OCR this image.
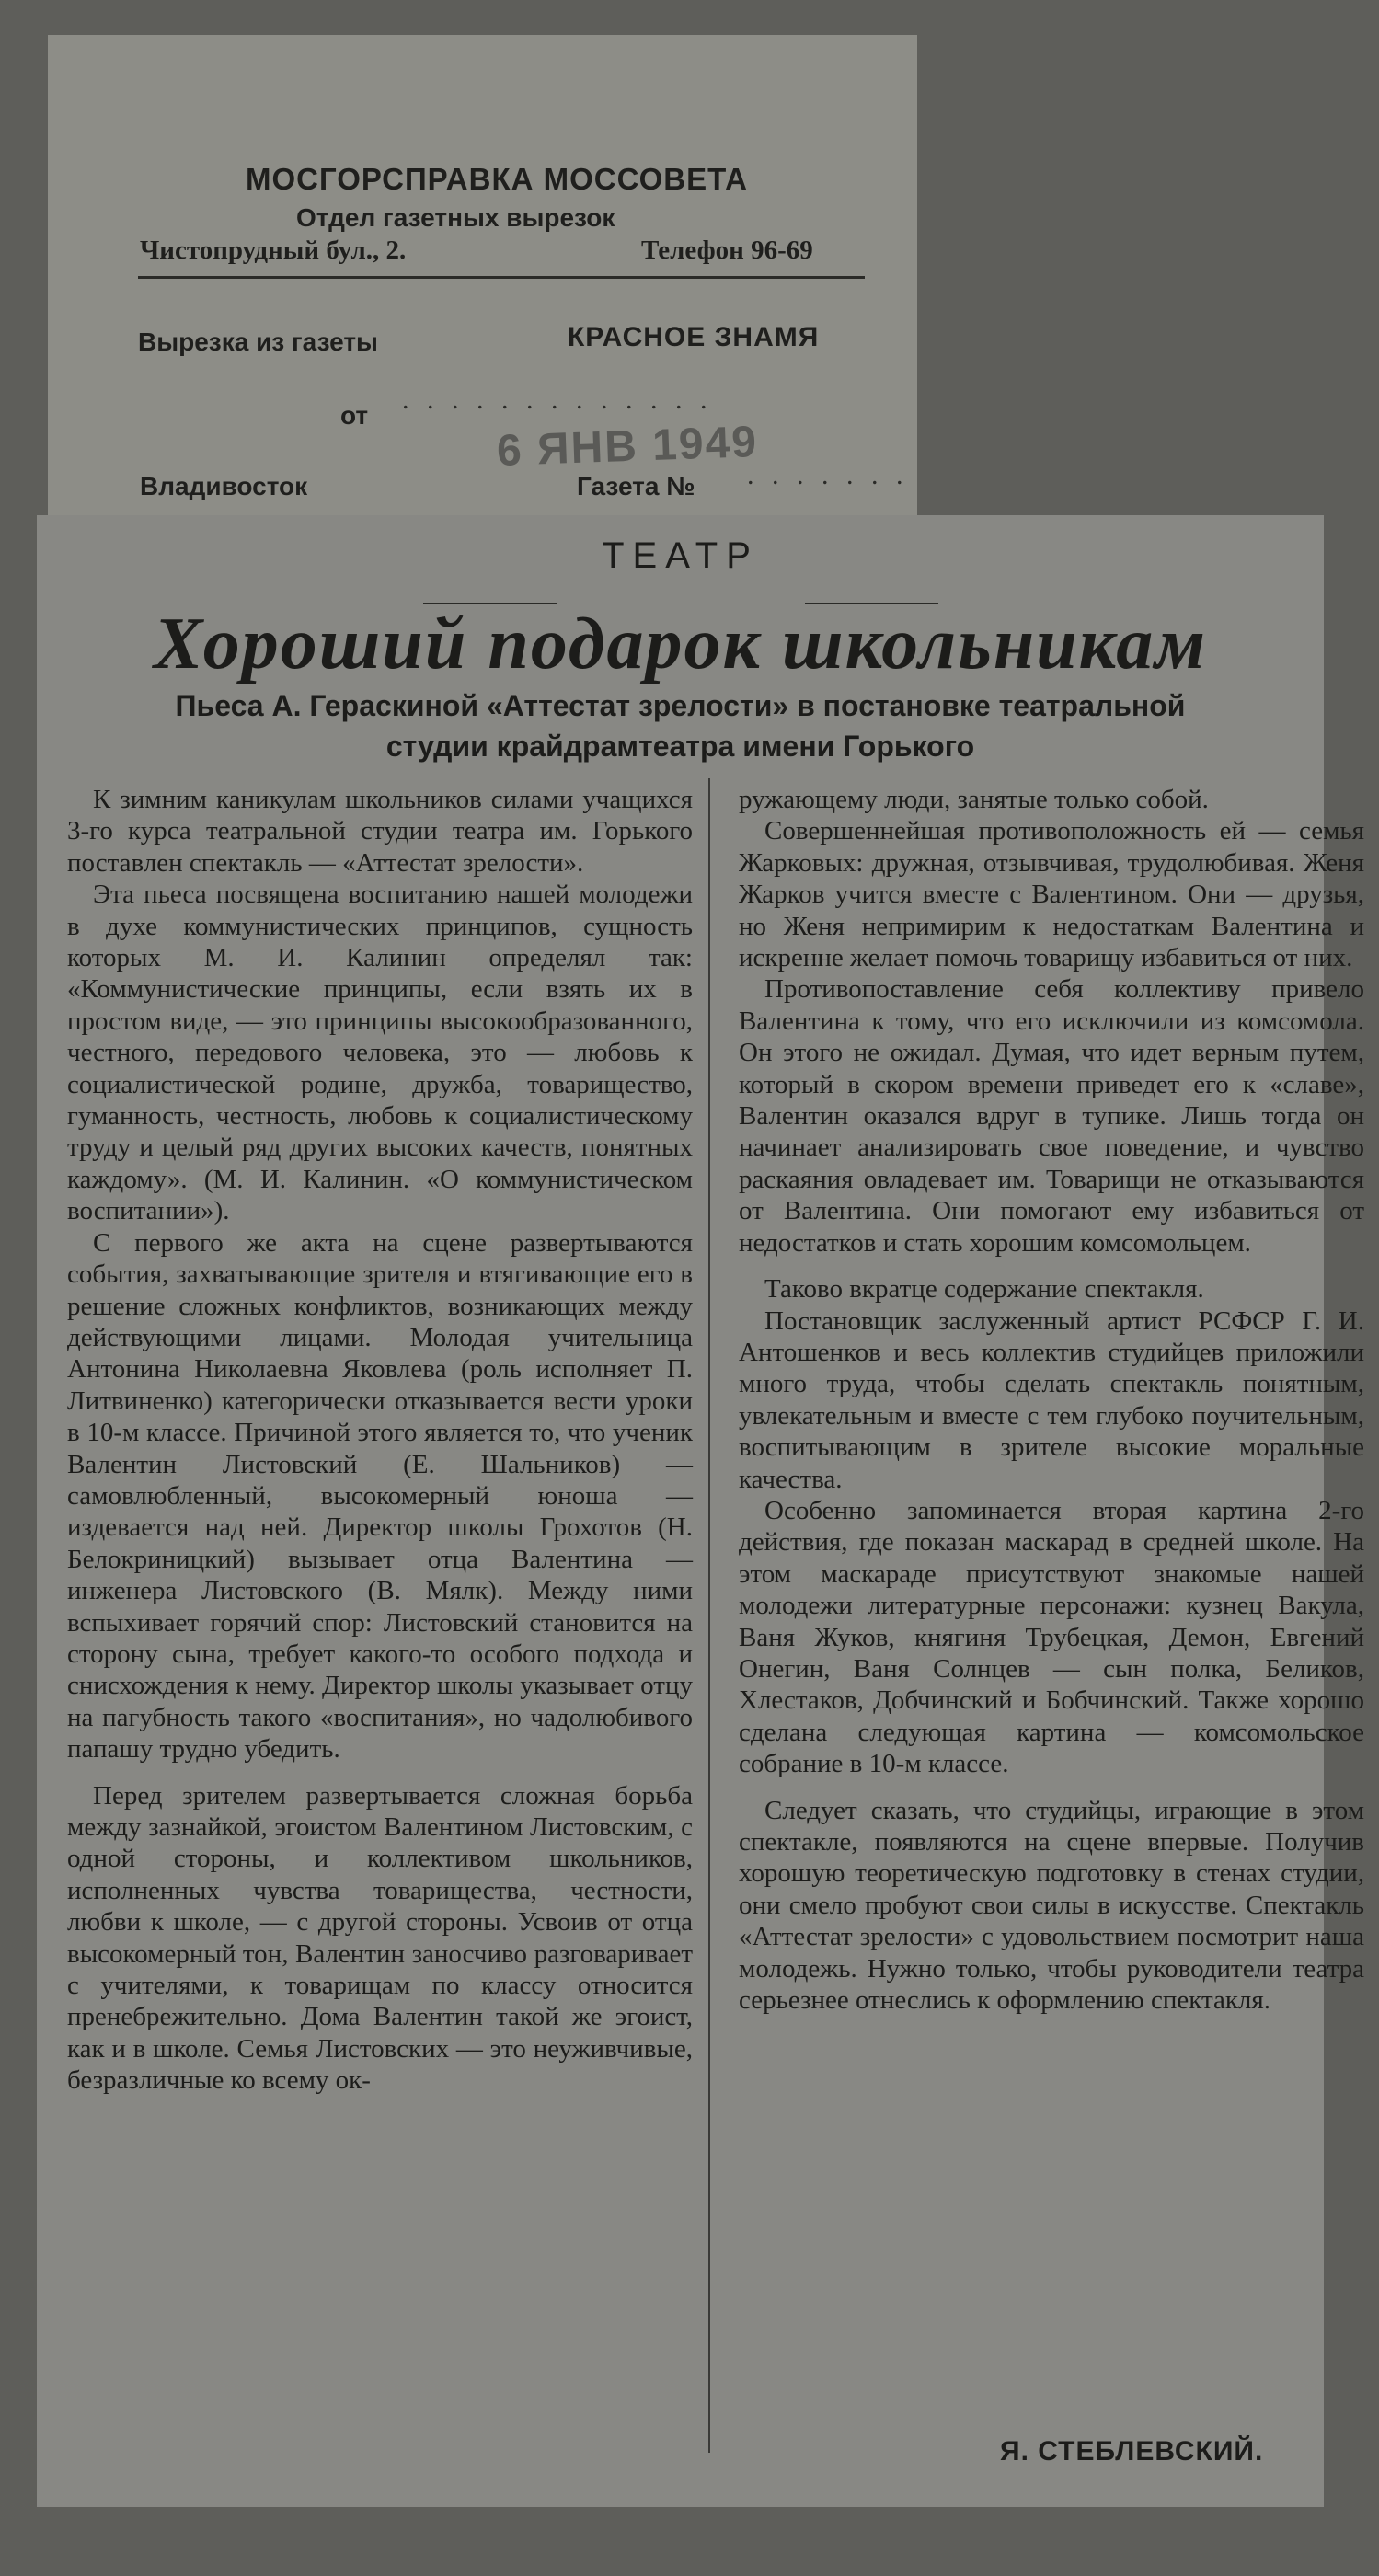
МОСГОРСПРАВКА МОССОВЕТА
Отдел газетных вырезок
Чистопрудный бул., 2.	Телефон 96-69
Вырезка из газеты	КРАСНОЕ ЗНАМЯ
от
. . . . . . . . . . . . .
6 ЯНВ 1949
Владивосток	Газета № . . . . . . .
ТЕАТР
Хороший подарок школьникам
Пьеса А. Гераскиной «Аттестат зрелости» в постановке театральной
студии крайдрамтеатра имени Горького

К зимним каникулам школьников силами учащихся 3-го курса театральной студии театра им. Горького поставлен спектакль — «Аттестат зрелости».

Эта пьеса посвящена воспитанию нашей молодежи в духе коммунистических принципов, сущность которых М. И. Калинин определял так: «Коммунистические принципы, если взять их в простом виде, — это принципы высокообразованного, честного, передового человека, это — любовь к социалистической родине, дружба, товарищество, гуманность, честность, любовь к социалистическому труду и целый ряд других высоких качеств, понятных каждому». (М. И. Калинин. «О коммунистическом воспитании»).

С первого же акта на сцене развертываются события, захватывающие зрителя и втягивающие его в решение сложных конфликтов, возникающих между действующими лицами. Молодая учительница Антонина Николаевна Яковлева (роль исполняет П. Литвиненко) категорически отказывается вести уроки в 10-м классе. Причиной этого является то, что ученик Валентин Листовский (Е. Шальников) — самовлюбленный, высокомерный юноша — издевается над ней. Директор школы Грохотов (Н. Белокриницкий) вызывает отца Валентина — инженера Листовского (В. Мялк). Между ними вспыхивает горячий спор: Листовский становится на сторону сына, требует какого-то особого подхода и снисхождения к нему. Директор школы указывает отцу на пагубность такого «воспитания», но чадолюбивого папашу трудно убедить.

Перед зрителем развертывается сложная борьба между зазнайкой, эгоистом Валентином Листовским, с одной стороны, и коллективом школьников, исполненных чувства товарищества, честности, любви к школе, — с другой стороны. Усвоив от отца высокомерный тон, Валентин заносчиво разговаривает с учителями, к товарищам по классу относится пренебрежительно. Дома Валентин такой же эгоист, как и в школе. Семья Листовских — это неуживчивые, безразличные ко всему ок-

ружающему люди, занятые только собой.

Совершеннейшая противоположность ей — семья Жарковых: дружная, отзывчивая, трудолюбивая. Женя Жарков учится вместе с Валентином. Они — друзья, но Женя непримирим к недостаткам Валентина и искренне желает помочь товарищу избавиться от них.

Противопоставление себя коллективу привело Валентина к тому, что его исключили из комсомола. Он этого не ожидал. Думая, что идет верным путем, который в скором времени приведет его к «славе», Валентин оказался вдруг в тупике. Лишь тогда он начинает анализировать свое поведение, и чувство раскаяния овладевает им. Товарищи не отказываются от Валентина. Они помогают ему избавиться от недостатков и стать хорошим комсомольцем.

Таково вкратце содержание спектакля.

Постановщик заслуженный артист РСФСР Г. И. Антошенков и весь коллектив студийцев приложили много труда, чтобы сделать спектакль понятным, увлекательным и вместе с тем глубоко поучительным, воспитывающим в зрителе высокие моральные качества.

Особенно запоминается вторая картина 2-го действия, где показан маскарад в средней школе. На этом маскараде присутствуют знакомые нашей молодежи литературные персонажи: кузнец Вакула, Ваня Жуков, княгиня Трубецкая, Демон, Евгений Онегин, Ваня Солнцев — сын полка, Беликов, Хлестаков, Добчинский и Бобчинский. Также хорошо сделана следующая картина — комсомольское собрание в 10-м классе.

Следует сказать, что студийцы, играющие в этом спектакле, появляются на сцене впервые. Получив хорошую теоретическую подготовку в стенах студии, они смело пробуют свои силы в искусстве. Спектакль «Аттестат зрелости» с удовольствием посмотрит наша молодежь. Нужно только, чтобы руководители театра серьезнее отнеслись к оформлению спектакля.

Я. СТЕБЛЕВСКИЙ.
